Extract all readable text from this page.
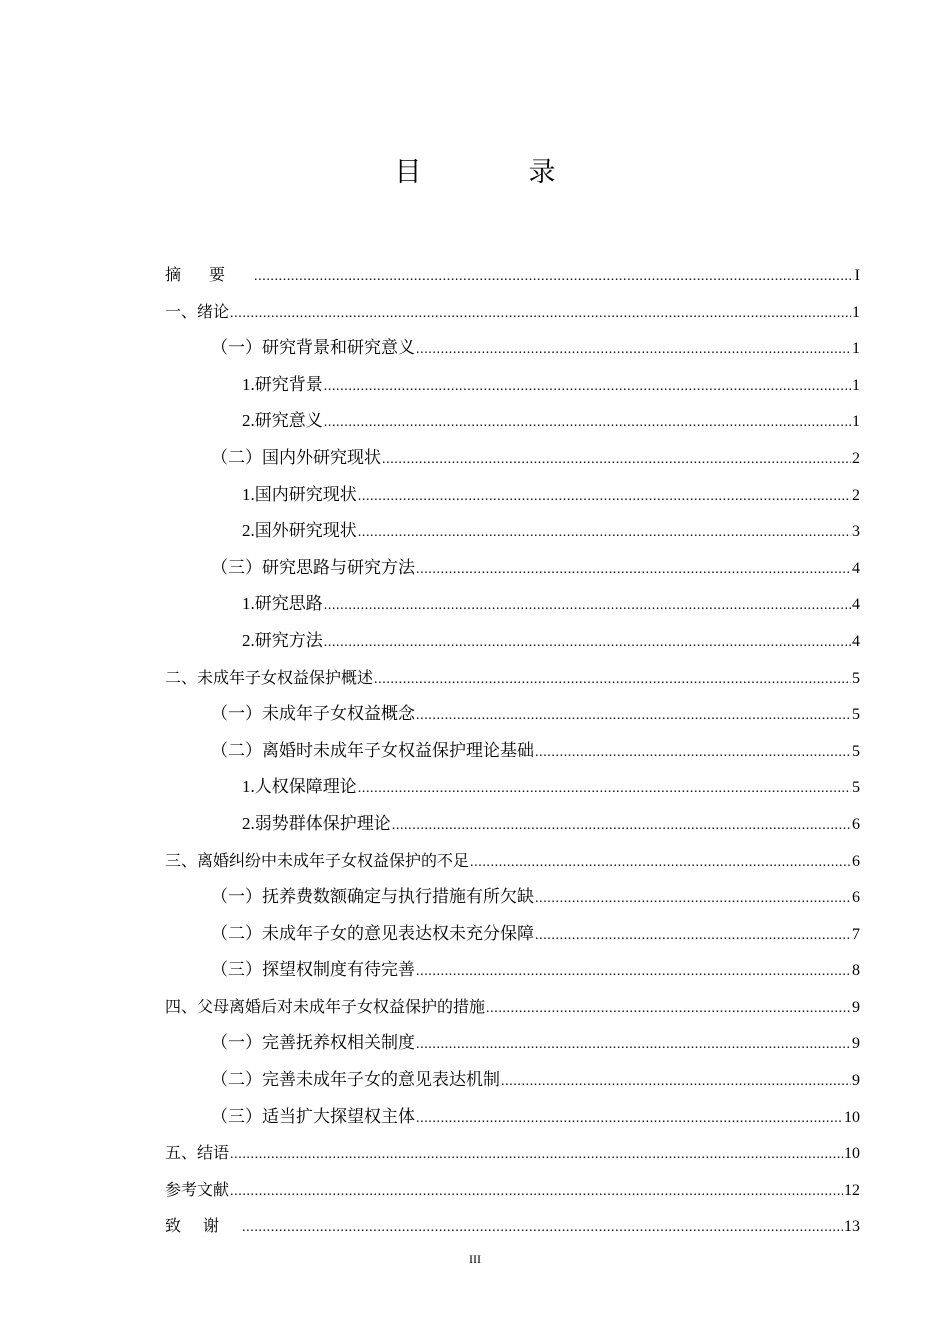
目　录
摘要 .....	I
一、 绪论 .....	1
（一） 研究背景和研究意义 .....	1
1. 研究背景 .....	1
2. 研究意义 .....	1
（二） 国内外研究现状 .....	2
1. 国内研究现状 .....	2
2. 国外研究现状 .....	3
（三） 研究思路与研究方法 .....	4
1. 研究思路 .....	4
2. 研究方法 .....	4
二、 未成年子女权益保护概述 .....	5
（一） 未成年子女权益概念 .....	5
（二） 离婚时未成年子女权益保护理论基础 .....	5
1. 人权保障理论 .....	5
2. 弱势群体保护理论 .....	6
三、 离婚纠纷中未成年子女权益保护的不足 .....	6
（一） 抚养费数额确定与执行措施有所欠缺 .....	6
（二） 未成年子女的意见表达权未充分保障 .....	7
（三） 探望权制度有待完善 .....	8
四、 父母离婚后对未成年子女权益保护的措施 .....	9
（一） 完善抚养权相关制度 .....	9
（二） 完善未成年子女的意见表达机制 .....	9
（三） 适当扩大探望权主体 .....	10
五、 结语 .....	10
参考文献 .....	12
致谢 .....	13
III
